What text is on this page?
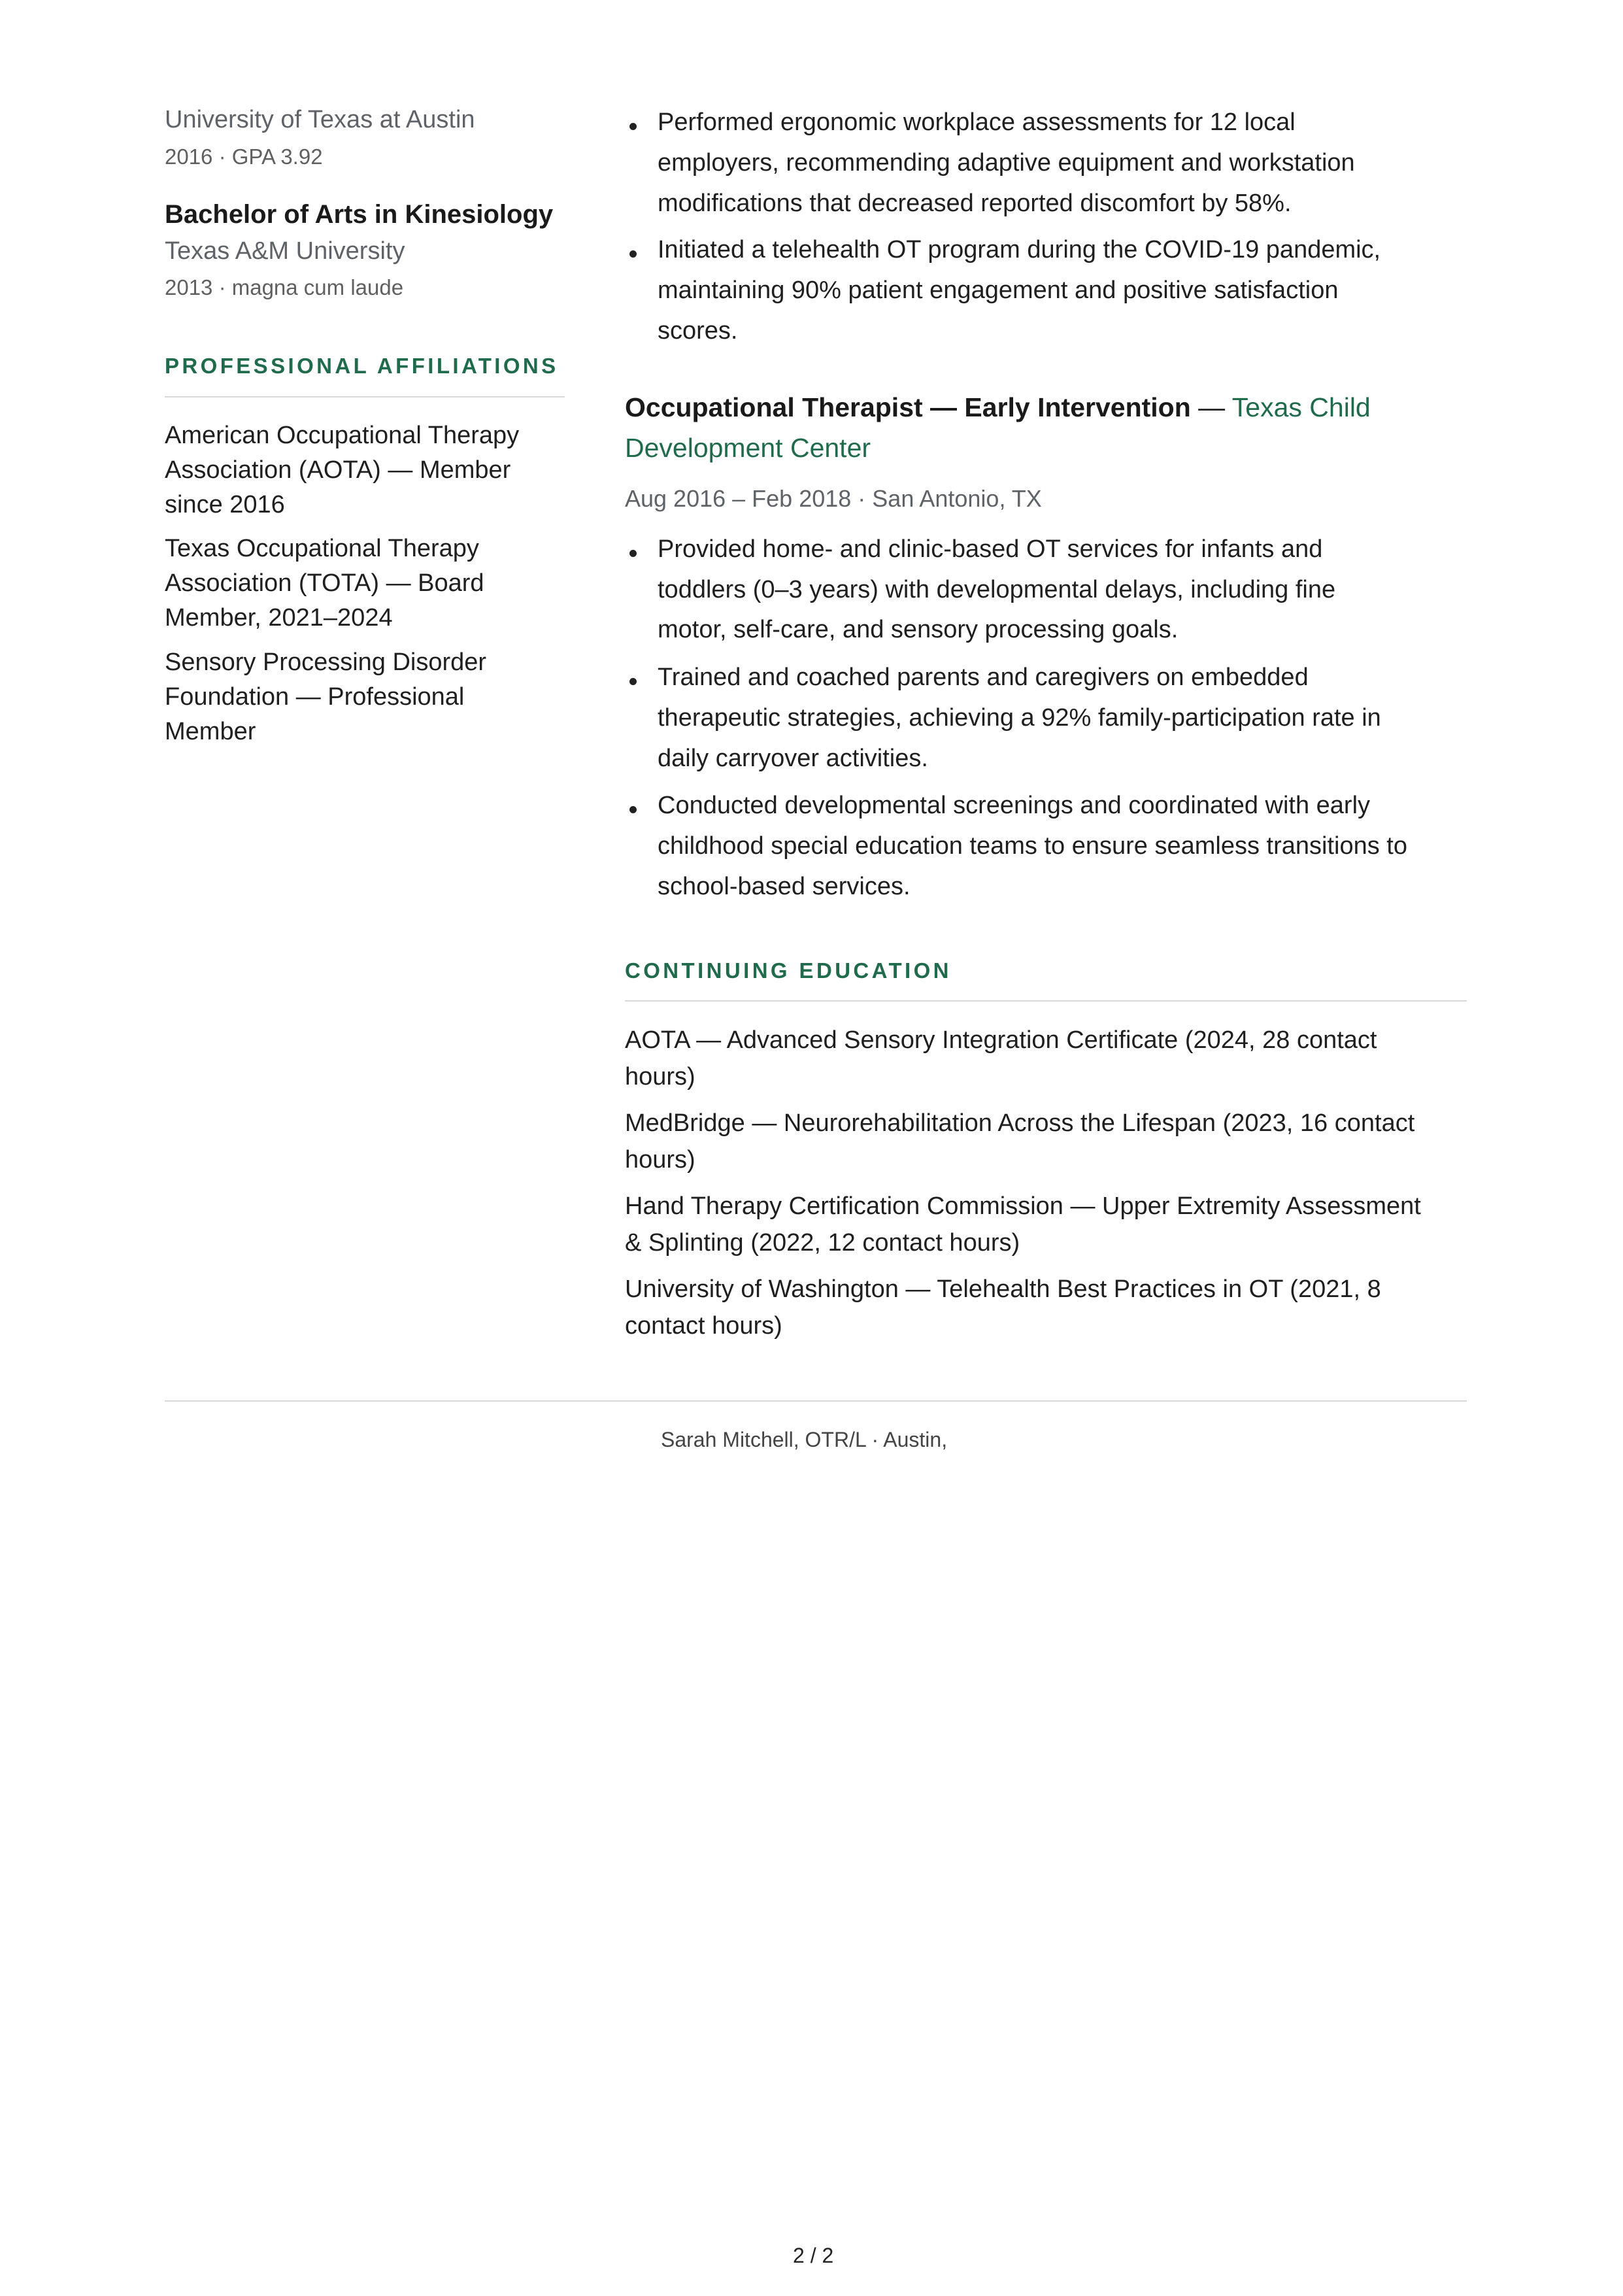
University of Texas at Austin
2016 · GPA 3.92
Bachelor of Arts in Kinesiology
Texas A&M University
2013 · magna cum laude
PROFESSIONAL AFFILIATIONS
American Occupational Therapy
Association (AOTA) — Member
since 2016
Texas Occupational Therapy
Association (TOTA) — Board
Member, 2021–2024
Sensory Processing Disorder
Foundation — Professional
Member
Performed ergonomic workplace assessments for 12 local
employers, recommending adaptive equipment and workstation
modifications that decreased reported discomfort by 58%.
Initiated a telehealth OT program during the COVID-19 pandemic,
maintaining 90% patient engagement and positive satisfaction
scores.
Occupational Therapist — Early Intervention — Texas Child
Development Center
Aug 2016 – Feb 2018 · San Antonio, TX
Provided home- and clinic-based OT services for infants and
toddlers (0–3 years) with developmental delays, including fine
motor, self-care, and sensory processing goals.
Trained and coached parents and caregivers on embedded
therapeutic strategies, achieving a 92% family-participation rate in
daily carryover activities.
Conducted developmental screenings and coordinated with early
childhood special education teams to ensure seamless transitions to
school-based services.
CONTINUING EDUCATION
AOTA — Advanced Sensory Integration Certificate (2024, 28 contact
hours)
MedBridge — Neurorehabilitation Across the Lifespan (2023, 16 contact
hours)
Hand Therapy Certification Commission — Upper Extremity Assessment
& Splinting (2022, 12 contact hours)
University of Washington — Telehealth Best Practices in OT (2021, 8
contact hours)
Sarah Mitchell, OTR/L · Austin,
2 / 2
